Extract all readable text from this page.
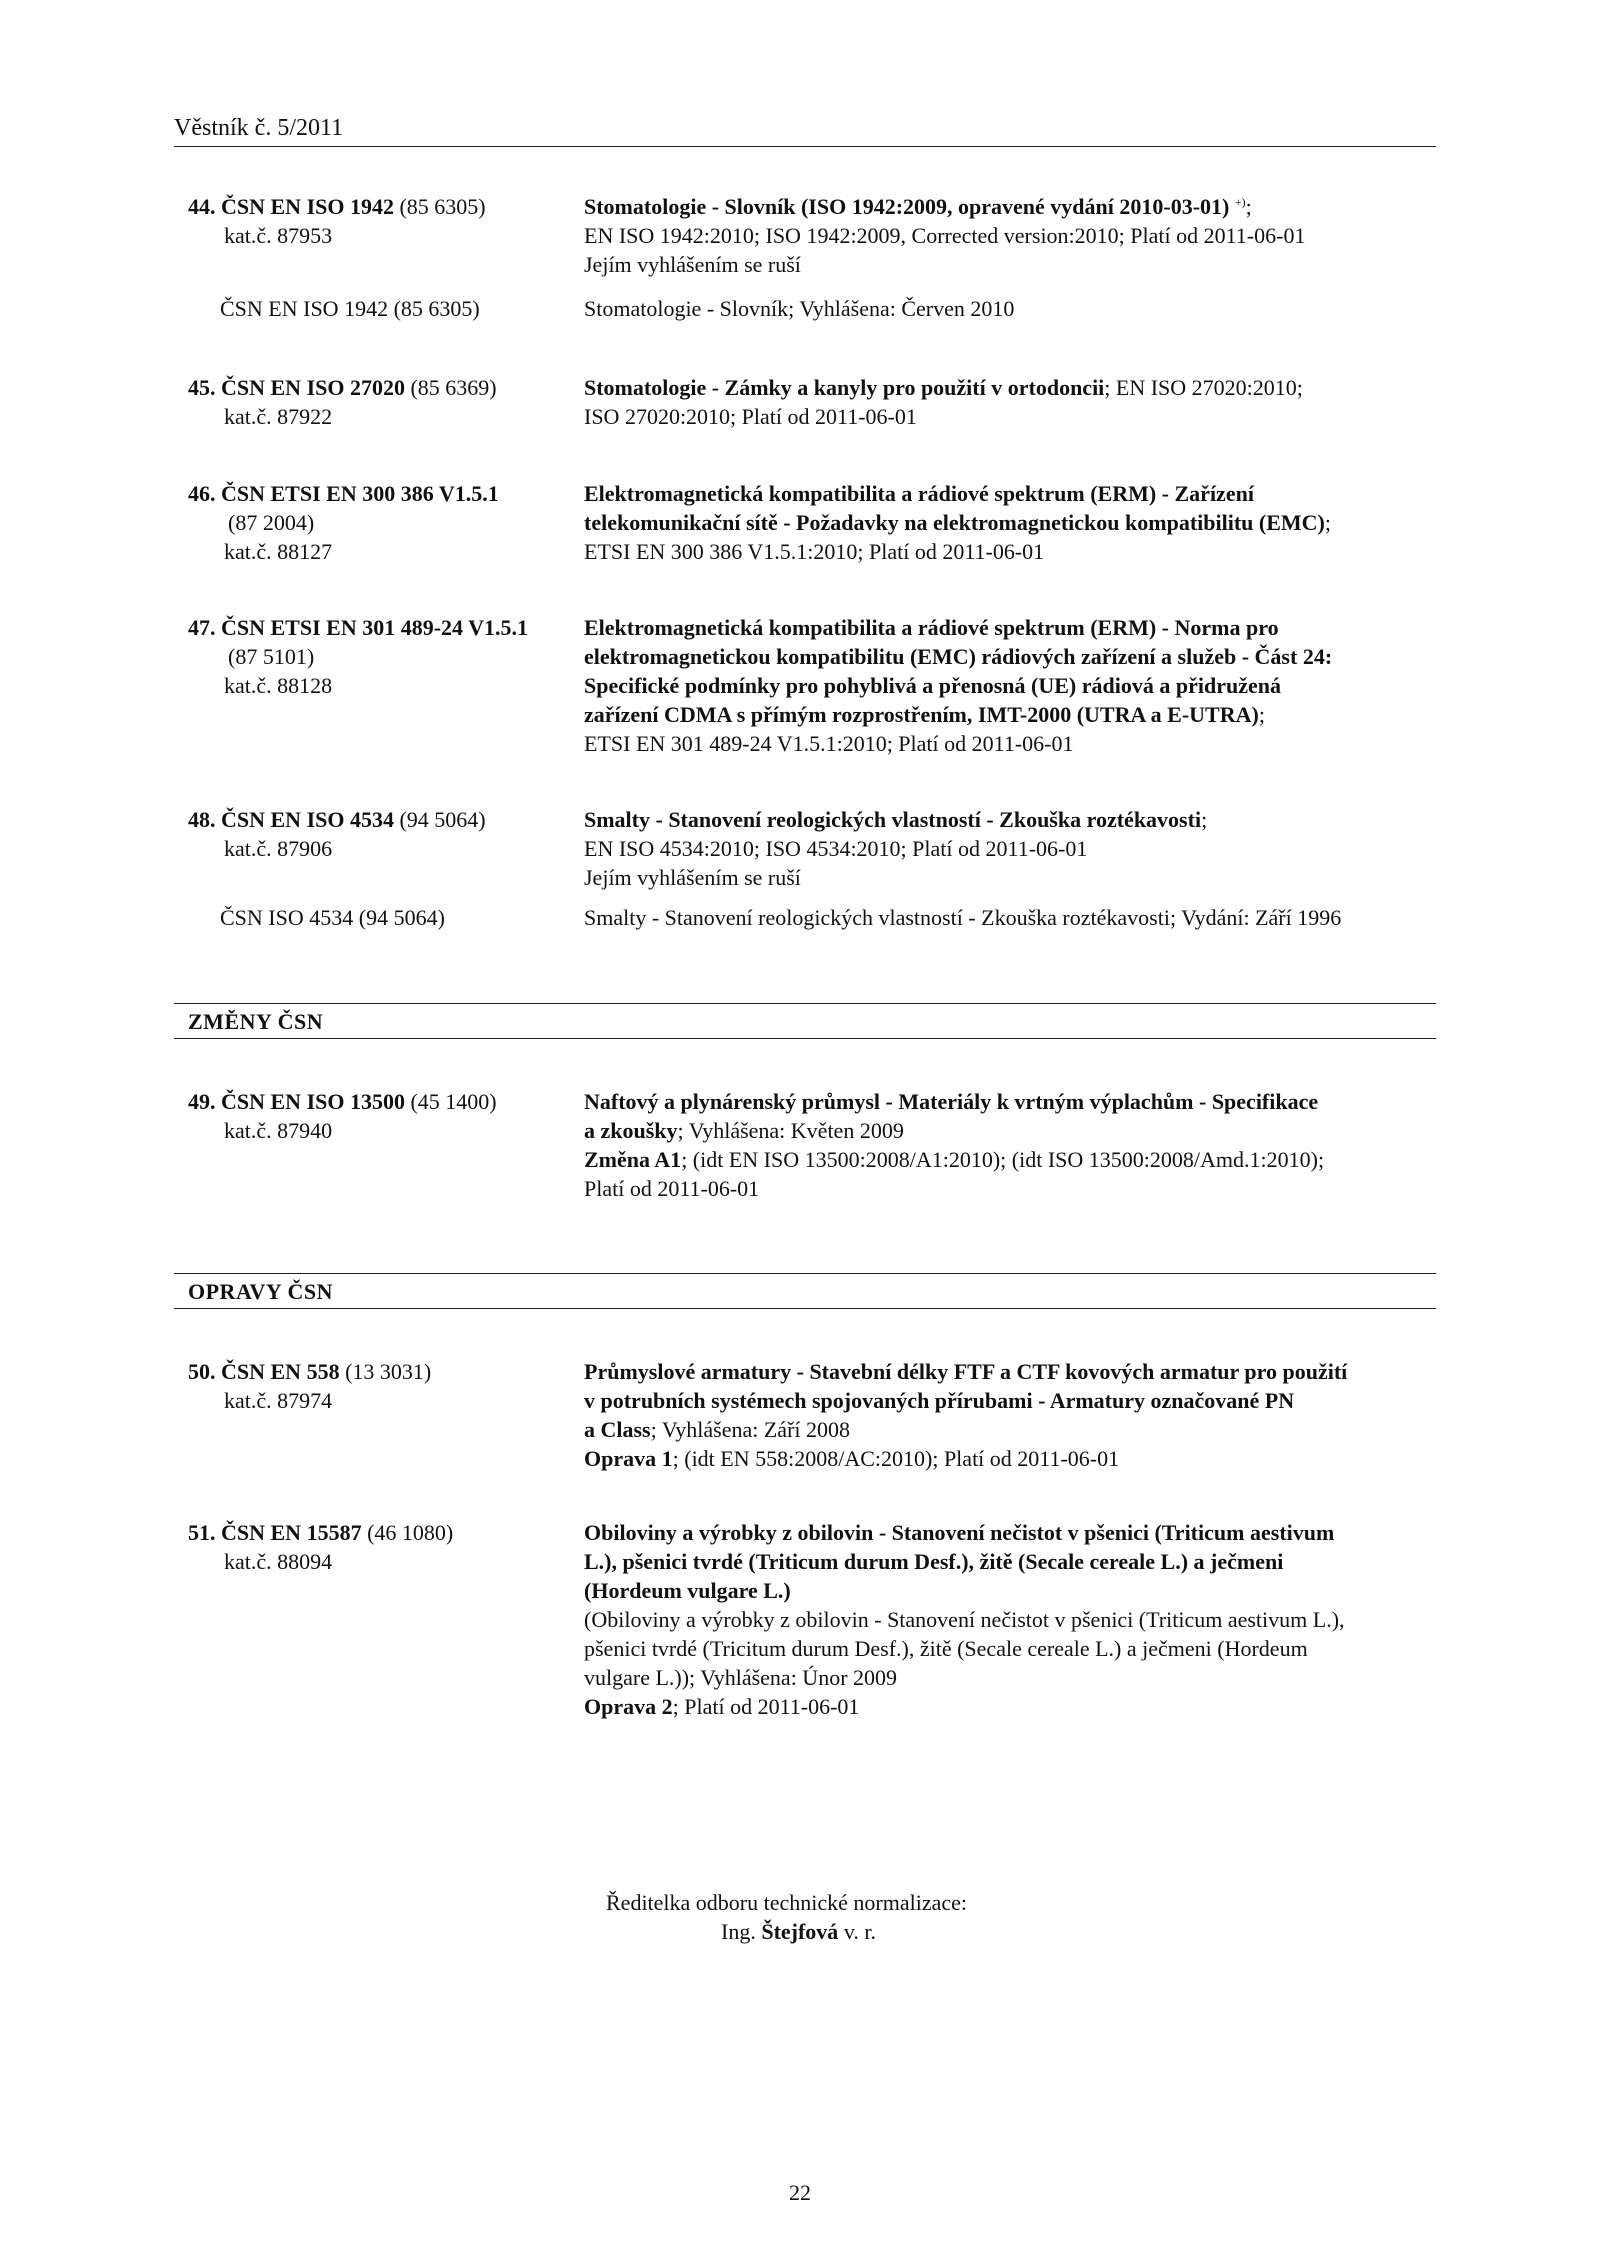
Věstník č. 5/2011
44. ČSN EN ISO 1942 (85 6305)
kat.č. 87953
Stomatologie - Slovník (ISO 1942:2009, opravené vydání 2010-03-01) +);
EN ISO 1942:2010; ISO 1942:2009, Corrected version:2010; Platí od 2011-06-01
Jejím vyhlášením se ruší
ČSN EN ISO 1942 (85 6305)	Stomatologie - Slovník; Vyhlášena: Červen 2010
45. ČSN EN ISO 27020 (85 6369)
kat.č. 87922
Stomatologie - Zámky a kanyly pro použití v ortodoncii; EN ISO 27020:2010;
ISO 27020:2010; Platí od 2011-06-01
46. ČSN ETSI EN 300 386 V1.5.1
(87 2004)
kat.č. 88127
Elektromagnetická kompatibilita a rádiové spektrum (ERM) - Zařízení
telekomunikační sítě - Požadavky na elektromagnetickou kompatibilitu (EMC);
ETSI EN 300 386 V1.5.1:2010; Platí od 2011-06-01
47. ČSN ETSI EN 301 489-24 V1.5.1
(87 5101)
kat.č. 88128
Elektromagnetická kompatibilita a rádiové spektrum (ERM) - Norma pro
elektromagnetickou kompatibilitu (EMC) rádiových zařízení a služeb - Část 24:
Specifické podmínky pro pohyblivá a přenosná (UE) rádiová a přidružená
zařízení CDMA s přímým rozprostřením, IMT-2000 (UTRA a E-UTRA);
ETSI EN 301 489-24 V1.5.1:2010; Platí od 2011-06-01
48. ČSN EN ISO 4534 (94 5064)
kat.č. 87906
Smalty - Stanovení reologických vlastností - Zkouška roztékavosti;
EN ISO 4534:2010; ISO 4534:2010; Platí od 2011-06-01
Jejím vyhlášením se ruší
ČSN ISO 4534 (94 5064)	Smalty - Stanovení reologických vlastností - Zkouška roztékavosti; Vydání: Září 1996
ZMĚNY ČSN
49. ČSN EN ISO 13500 (45 1400)
kat.č. 87940
Naftový a plynárenský průmysl - Materiály k vrtným výplachům - Specifikace
a zkoušky; Vyhlášena: Květen 2009
Změna A1; (idt EN ISO 13500:2008/A1:2010); (idt ISO 13500:2008/Amd.1:2010);
Platí od 2011-06-01
OPRAVY ČSN
50. ČSN EN 558 (13 3031)
kat.č. 87974
Průmyslové armatury - Stavební délky FTF a CTF kovových armatur pro použití
v potrubních systémech spojovaných přírubami - Armatury označované PN
a Class; Vyhlášena: Září 2008
Oprava 1; (idt EN 558:2008/AC:2010); Platí od 2011-06-01
51. ČSN EN 15587 (46 1080)
kat.č. 88094
Obiloviny a výrobky z obilovin - Stanovení nečistot v pšenici (Triticum aestivum
L.), pšenici tvrdé (Triticum durum Desf.), žitě (Secale cereale L.) a ječmeni
(Hordeum vulgare L.)
(Obiloviny a výrobky z obilovin - Stanovení nečistot v pšenici (Triticum aestivum L.),
pšenici tvrdé (Tricitum durum Desf.), žitě (Secale cereale L.) a ječmeni (Hordeum
vulgare L.)); Vyhlášena: Únor 2009
Oprava 2; Platí od 2011-06-01
Ředitelka odboru technické normalizace:
Ing. Štejfová v. r.
22
